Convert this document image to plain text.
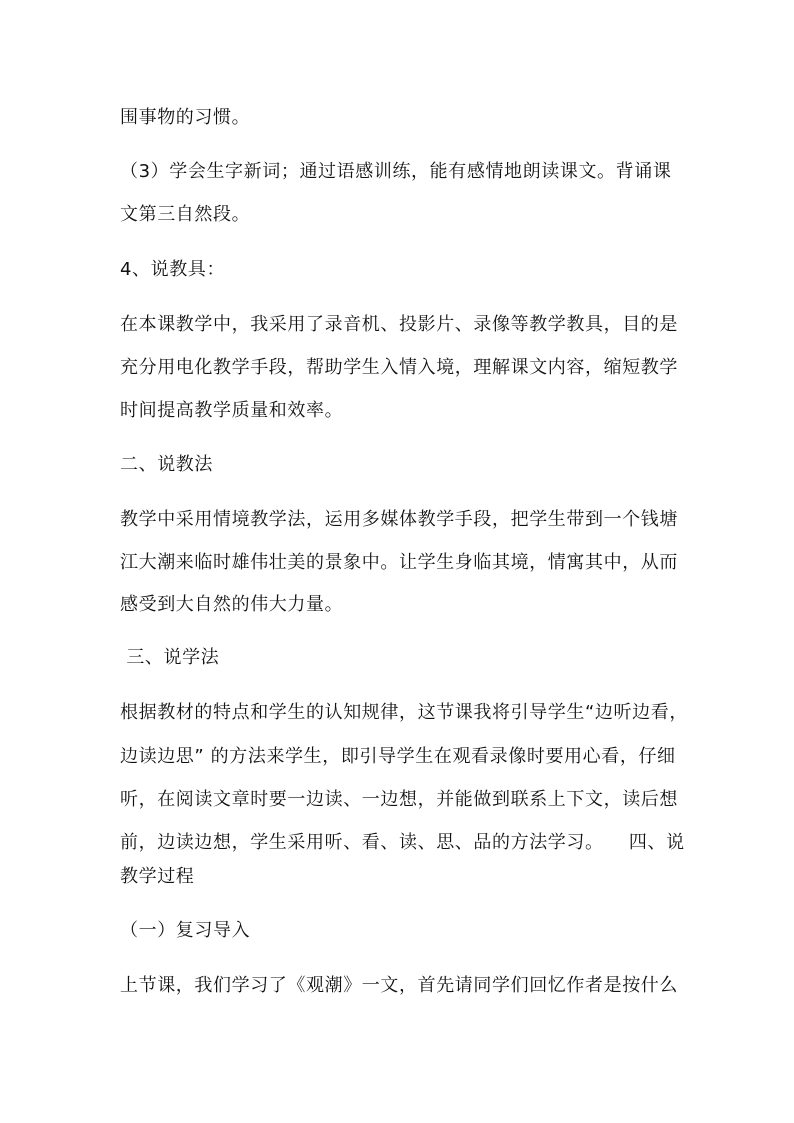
围事物的习惯。
（3）学会生字新词；通过语感训练，能有感情地朗读课文。背诵课
文第三自然段。
4、说教具：
在本课教学中，我采用了录音机、投影片、录像等教学教具，目的是
充分用电化教学手段，帮助学生入情入境，理解课文内容，缩短教学
时间提高教学质量和效率。
二、说教法
教学中采用情境教学法，运用多媒体教学手段，把学生带到一个钱塘
江大潮来临时雄伟壮美的景象中。让学生身临其境，情寓其中，从而
感受到大自然的伟大力量。
三、说学法
根据教材的特点和学生的认知规律，这节课我将引导学生“边听边看，
边读边思” 的方法来学生，即引导学生在观看录像时要用心看，仔细
听，在阅读文章时要一边读、一边想，并能做到联系上下文，读后想
前，边读边想，学生采用听、看、读、思、品的方法学习。    四、说
教学过程
（一）复习导入
上节课，我们学习了《观潮》一文，首先请同学们回忆作者是按什么
